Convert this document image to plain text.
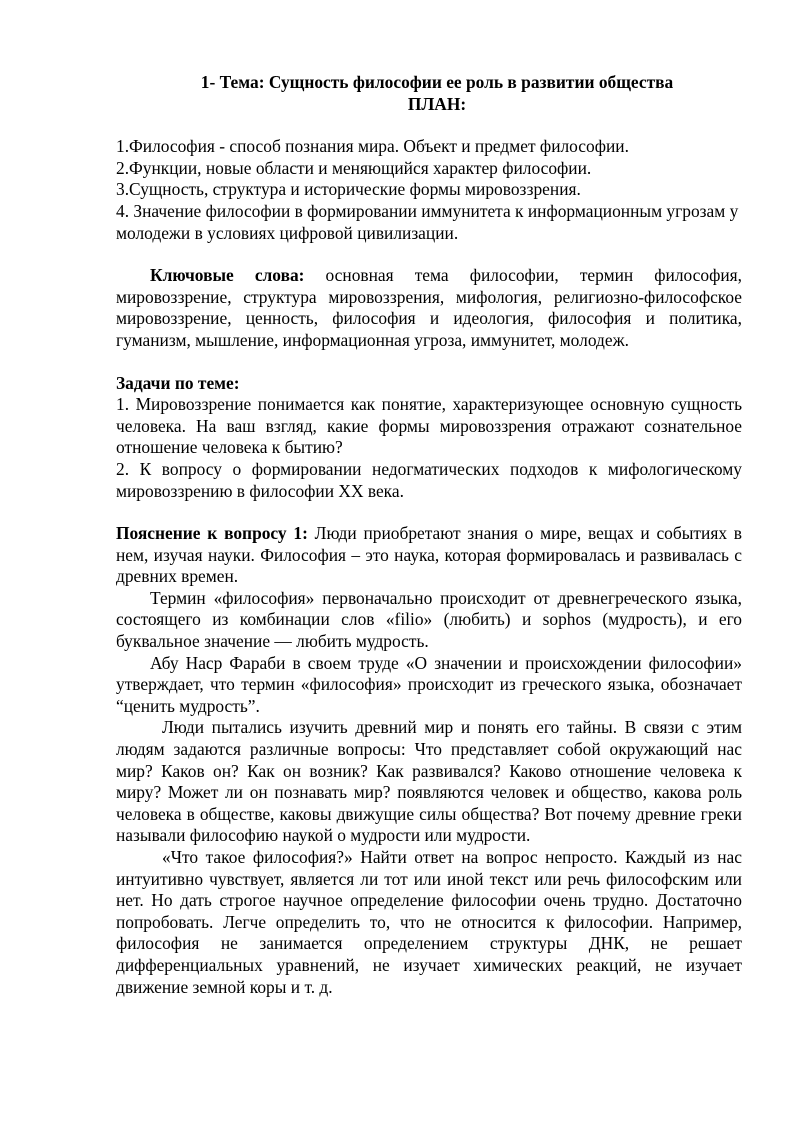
1- Тема: Сущность философии ее роль в развитии общества
ПЛАН:
1.Философия - способ познания мира. Объект и предмет философии.
2.Функции, новые области и меняющийся характер философии.
3.Сущность, структура и исторические формы мировоззрения.
4. Значение философии в формировании иммунитета к информационным угрозам у молодежи в условиях цифровой цивилизации.
Ключовые слова: основная тема философии, термин философия, мировоззрение, структура мировоззрения, мифология, религиозно-философское мировоззрение, ценность, философия и идеология, философия и политика, гуманизм, мышление, информационная угроза, иммунитет, молодеж.
Задачи по теме:
1. Мировоззрение понимается как понятие, характеризующее основную сущность человека. На ваш взгляд, какие формы мировоззрения отражают сознательное отношение человека к бытию?
2. К вопросу о формировании недогматических подходов к мифологическому мировоззрению в философии XX века.
Пояснение к вопросу 1: Люди приобретают знания о мире, вещах и событиях в нем, изучая науки. Философия – это наука, которая формировалась и развивалась с древних времен.
Термин «философия» первоначально происходит от древнегреческого языка, состоящего из комбинации слов «filio» (любить) и sophos (мудрость), и его буквальное значение — любить мудрость.
Абу Наср Фараби в своем труде «О значении и происхождении философии» утверждает, что термин «философия» происходит из греческого языка, обозначает “ценить мудрость”.
Люди пытались изучить древний мир и понять его тайны. В связи с этим людям задаются различные вопросы: Что представляет собой окружающий нас мир? Каков он? Как он возник? Как развивался? Каково отношение человека к миру? Может ли он познавать мир? появляются человек и общество, какова роль человека в обществе, каковы движущие силы общества? Вот почему древние греки называли философию наукой о мудрости или мудрости.
«Что такое философия?» Найти ответ на вопрос непросто. Каждый из нас интуитивно чувствует, является ли тот или иной текст или речь философским или нет. Но дать строгое научное определение философии очень трудно. Достаточно попробовать. Легче определить то, что не относится к философии. Например, философия не занимается определением структуры ДНК, не решает дифференциальных уравнений, не изучает химических реакций, не изучает движение земной коры и т. д.
